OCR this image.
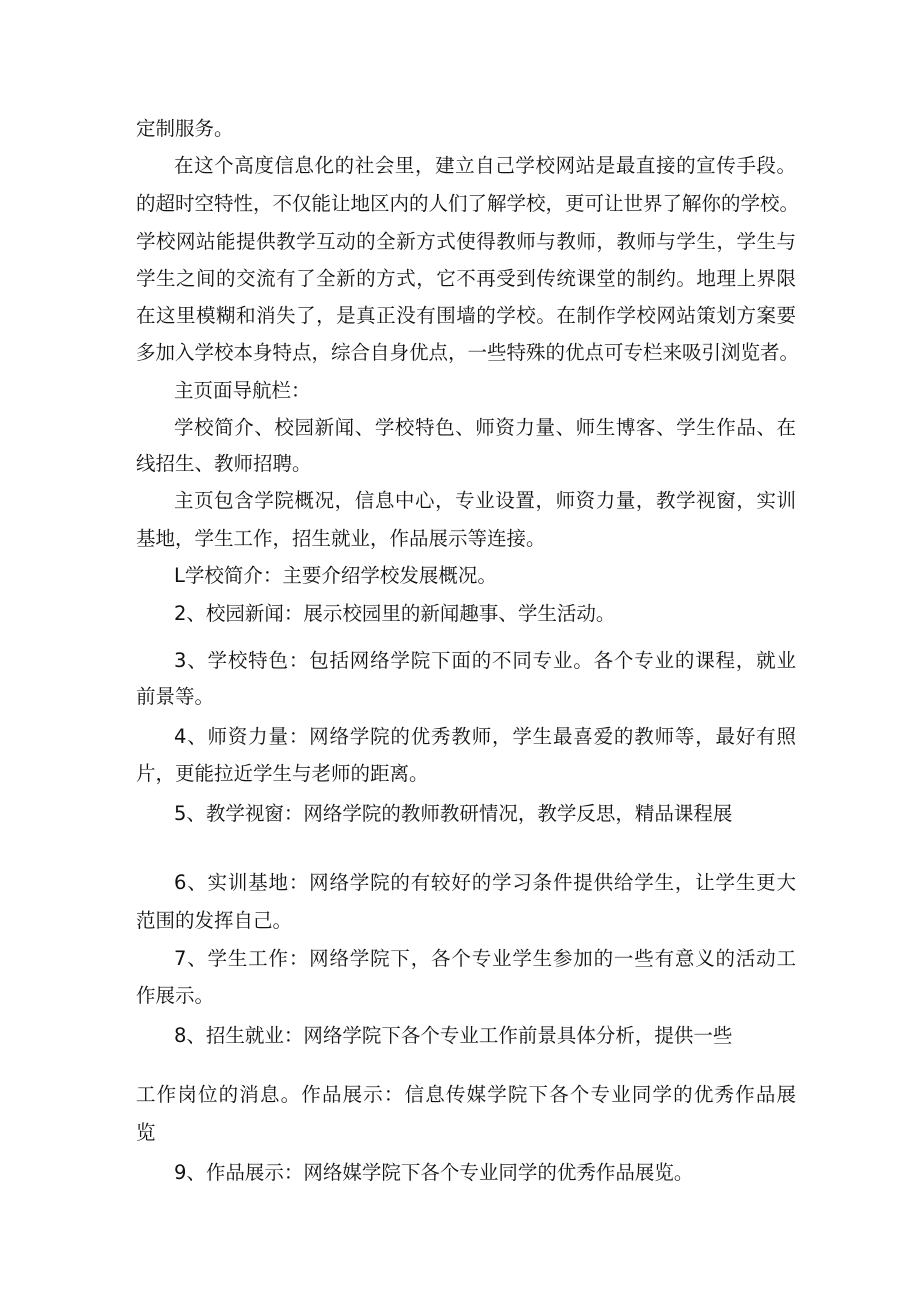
定制服务。
在这个高度信息化的社会里，建立自己学校网站是最直接的宣传手段。
的超时空特性，不仅能让地区内的人们了解学校，更可让世界了解你的学校。
学校网站能提供教学互动的全新方式使得教师与教师，教师与学生，学生与
学生之间的交流有了全新的方式，它不再受到传统课堂的制约。地理上界限
在这里模糊和消失了，是真正没有围墙的学校。在制作学校网站策划方案要
多加入学校本身特点，综合自身优点，一些特殊的优点可专栏来吸引浏览者。
主页面导航栏：
学校简介、校园新闻、学校特色、师资力量、师生博客、学生作品、在
线招生、教师招聘。
主页包含学院概况，信息中心，专业设置，师资力量，教学视窗，实训
基地，学生工作，招生就业，作品展示等连接。
L学校简介：主要介绍学校发展概况。
2、校园新闻：展示校园里的新闻趣事、学生活动。
3、学校特色：包括网络学院下面的不同专业。各个专业的课程，就业
前景等。
4、师资力量：网络学院的优秀教师，学生最喜爱的教师等，最好有照
片，更能拉近学生与老师的距离。
5、教学视窗：网络学院的教师教研情况，教学反思，精品课程展
6、实训基地：网络学院的有较好的学习条件提供给学生，让学生更大
范围的发挥自己。
7、学生工作：网络学院下，各个专业学生参加的一些有意义的活动工
作展示。
8、招生就业：网络学院下各个专业工作前景具体分析，提供一些
工作岗位的消息。作品展示：信息传媒学院下各个专业同学的优秀作品展
览
9、作品展示：网络媒学院下各个专业同学的优秀作品展览。
